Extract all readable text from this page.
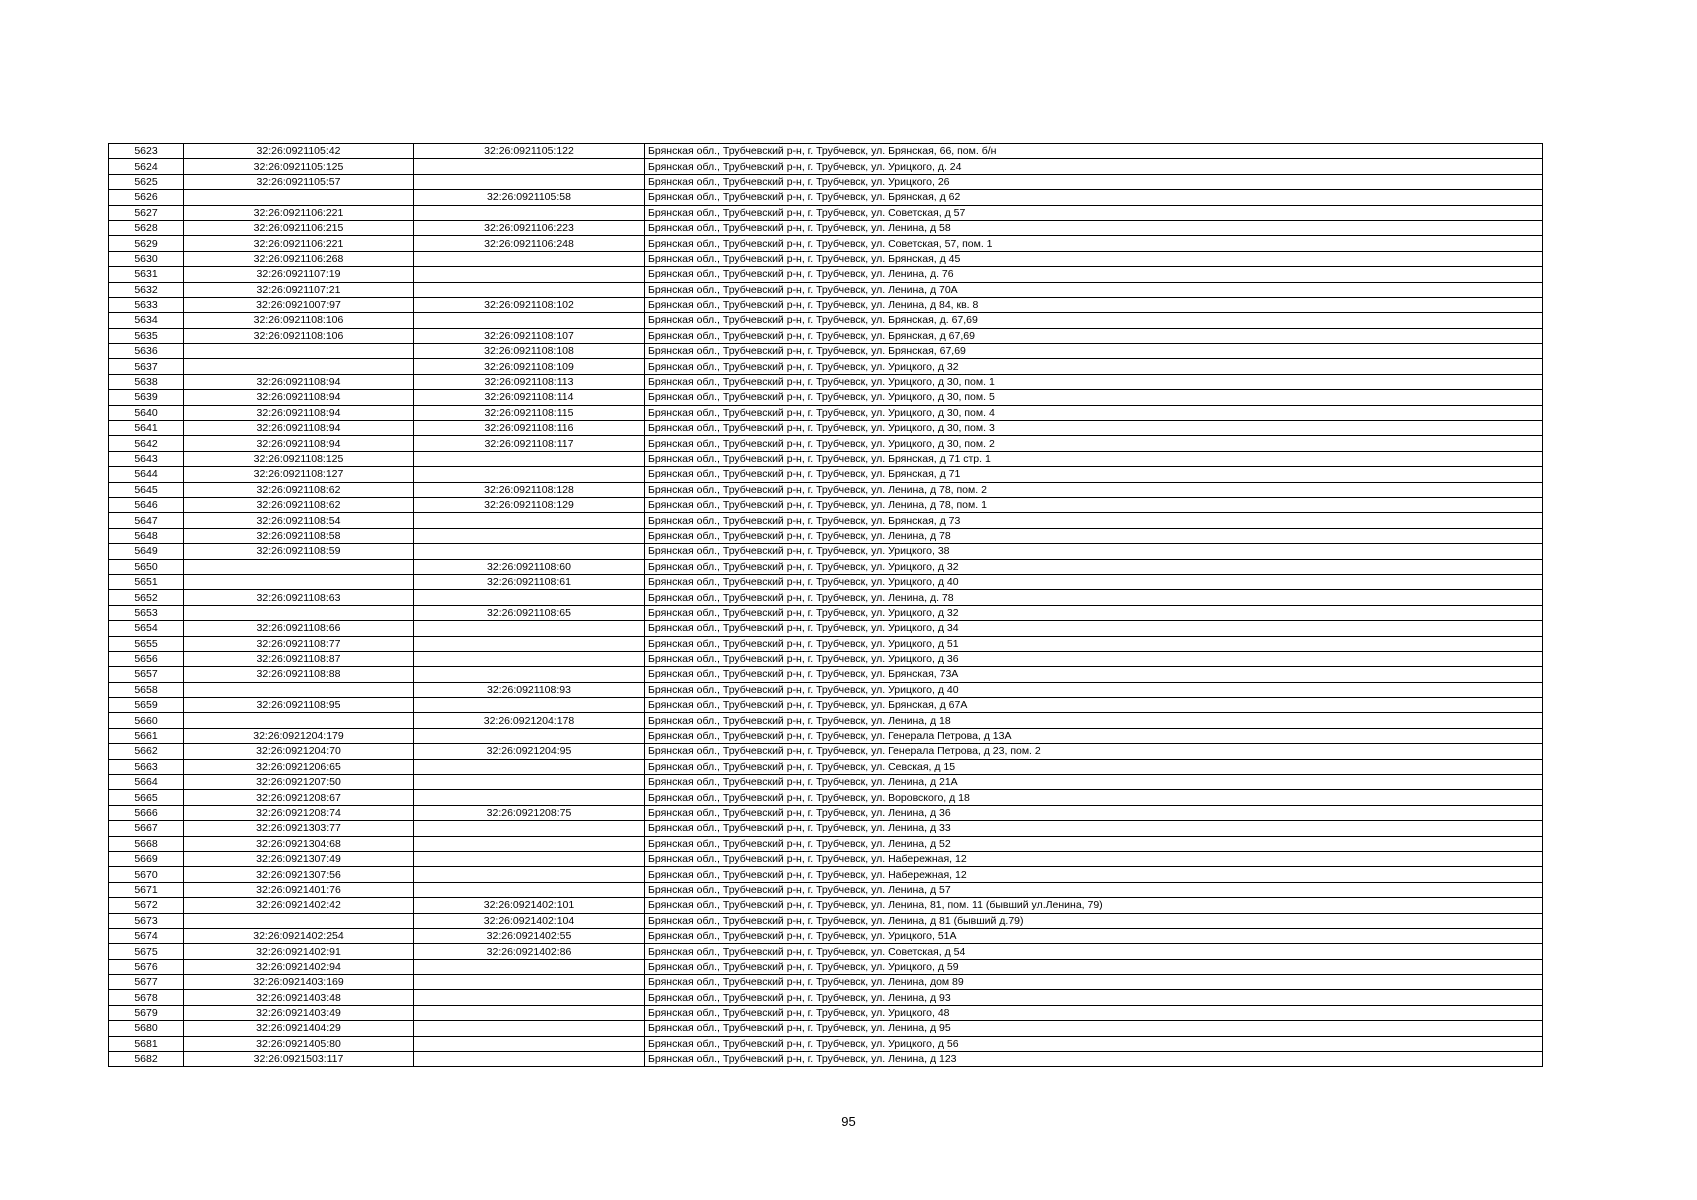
5623	32:26:0921105:42	32:26:0921105:122	Брянская обл., Трубчевский р-н, г. Трубчевск, ул. Брянская, 66, пом. б/н
5624	32:26:0921105:125		Брянская обл., Трубчевский р-н, г. Трубчевск, ул. Урицкого, д. 24
5625	32:26:0921105:57		Брянская обл., Трубчевский р-н, г. Трубчевск, ул. Урицкого, 26
5626		32:26:0921105:58	Брянская обл., Трубчевский р-н, г. Трубчевск, ул. Брянская, д 62
5627	32:26:0921106:221		Брянская обл., Трубчевский р-н, г. Трубчевск, ул. Советская, д 57
5628	32:26:0921106:215	32:26:0921106:223	Брянская обл., Трубчевский р-н, г. Трубчевск, ул. Ленина, д 58
5629	32:26:0921106:221	32:26:0921106:248	Брянская обл., Трубчевский р-н, г. Трубчевск, ул. Советская, 57, пом. 1
5630	32:26:0921106:268		Брянская обл., Трубчевский р-н, г. Трубчевск, ул. Брянская, д 45
5631	32:26:0921107:19		Брянская обл., Трубчевский р-н, г. Трубчевск, ул. Ленина, д. 76
5632	32:26:0921107:21		Брянская обл., Трубчевский р-н, г. Трубчевск, ул. Ленина, д 70А
5633	32:26:0921007:97	32:26:0921108:102	Брянская обл., Трубчевский р-н, г. Трубчевск, ул. Ленина, д 84, кв. 8
5634	32:26:0921108:106		Брянская обл., Трубчевский р-н, г. Трубчевск, ул. Брянская, д. 67,69
5635	32:26:0921108:106	32:26:0921108:107	Брянская обл., Трубчевский р-н, г. Трубчевск, ул. Брянская, д 67,69
5636		32:26:0921108:108	Брянская обл., Трубчевский р-н, г. Трубчевск, ул. Брянская, 67,69
5637		32:26:0921108:109	Брянская обл., Трубчевский р-н, г. Трубчевск, ул. Урицкого, д 32
5638	32:26:0921108:94	32:26:0921108:113	Брянская обл., Трубчевский р-н, г. Трубчевск, ул. Урицкого, д 30, пом. 1
5639	32:26:0921108:94	32:26:0921108:114	Брянская обл., Трубчевский р-н, г. Трубчевск, ул. Урицкого, д 30, пом. 5
5640	32:26:0921108:94	32:26:0921108:115	Брянская обл., Трубчевский р-н, г. Трубчевск, ул. Урицкого, д 30, пом. 4
5641	32:26:0921108:94	32:26:0921108:116	Брянская обл., Трубчевский р-н, г. Трубчевск, ул. Урицкого, д 30, пом. 3
5642	32:26:0921108:94	32:26:0921108:117	Брянская обл., Трубчевский р-н, г. Трубчевск, ул. Урицкого, д 30, пом. 2
5643	32:26:0921108:125		Брянская обл., Трубчевский р-н, г. Трубчевск, ул. Брянская, д 71 стр. 1
5644	32:26:0921108:127		Брянская обл., Трубчевский р-н, г. Трубчевск, ул. Брянская, д 71
5645	32:26:0921108:62	32:26:0921108:128	Брянская обл., Трубчевский р-н, г. Трубчевск, ул. Ленина, д 78, пом. 2
5646	32:26:0921108:62	32:26:0921108:129	Брянская обл., Трубчевский р-н, г. Трубчевск, ул. Ленина, д 78, пом. 1
5647	32:26:0921108:54		Брянская обл., Трубчевский р-н, г. Трубчевск, ул. Брянская, д 73
5648	32:26:0921108:58		Брянская обл., Трубчевский р-н, г. Трубчевск, ул. Ленина, д 78
5649	32:26:0921108:59		Брянская обл., Трубчевский р-н, г. Трубчевск, ул. Урицкого, 38
5650		32:26:0921108:60	Брянская обл., Трубчевский р-н, г. Трубчевск, ул. Урицкого, д 32
5651		32:26:0921108:61	Брянская обл., Трубчевский р-н, г. Трубчевск, ул. Урицкого, д 40
5652	32:26:0921108:63		Брянская обл., Трубчевский р-н, г. Трубчевск, ул. Ленина, д. 78
5653		32:26:0921108:65	Брянская обл., Трубчевский р-н, г. Трубчевск, ул. Урицкого, д 32
5654	32:26:0921108:66		Брянская обл., Трубчевский р-н, г. Трубчевск, ул. Урицкого, д 34
5655	32:26:0921108:77		Брянская обл., Трубчевский р-н, г. Трубчевск, ул. Урицкого, д 51
5656	32:26:0921108:87		Брянская обл., Трубчевский р-н, г. Трубчевск, ул. Урицкого, д 36
5657	32:26:0921108:88		Брянская обл., Трубчевский р-н, г. Трубчевск, ул. Брянская, 73А
5658		32:26:0921108:93	Брянская обл., Трубчевский р-н, г. Трубчевск, ул. Урицкого, д 40
5659	32:26:0921108:95		Брянская обл., Трубчевский р-н, г. Трубчевск, ул. Брянская, д 67А
5660		32:26:0921204:178	Брянская обл., Трубчевский р-н, г. Трубчевск, ул. Ленина, д 18
5661	32:26:0921204:179		Брянская обл., Трубчевский р-н, г. Трубчевск, ул. Генерала Петрова, д 13А
5662	32:26:0921204:70	32:26:0921204:95	Брянская обл., Трубчевский р-н, г. Трубчевск, ул. Генерала Петрова, д 23, пом. 2
5663	32:26:0921206:65		Брянская обл., Трубчевский р-н, г. Трубчевск, ул. Севская, д 15
5664	32:26:0921207:50		Брянская обл., Трубчевский р-н, г. Трубчевск, ул. Ленина, д 21А
5665	32:26:0921208:67		Брянская обл., Трубчевский р-н, г. Трубчевск, ул. Воровского, д 18
5666	32:26:0921208:74	32:26:0921208:75	Брянская обл., Трубчевский р-н, г. Трубчевск, ул. Ленина, д 36
5667	32:26:0921303:77		Брянская обл., Трубчевский р-н, г. Трубчевск, ул. Ленина, д 33
5668	32:26:0921304:68		Брянская обл., Трубчевский р-н, г. Трубчевск, ул. Ленина, д 52
5669	32:26:0921307:49		Брянская обл., Трубчевский р-н, г. Трубчевск, ул. Набережная, 12
5670	32:26:0921307:56		Брянская обл., Трубчевский р-н, г. Трубчевск, ул. Набережная, 12
5671	32:26:0921401:76		Брянская обл., Трубчевский р-н, г. Трубчевск, ул. Ленина, д 57
5672	32:26:0921402:42	32:26:0921402:101	Брянская обл., Трубчевский р-н, г. Трубчевск, ул. Ленина, 81, пом. 11 (бывший ул.Ленина, 79)
5673		32:26:0921402:104	Брянская обл., Трубчевский р-н, г. Трубчевск, ул. Ленина, д 81 (бывший д.79)
5674	32:26:0921402:254	32:26:0921402:55	Брянская обл., Трубчевский р-н, г. Трубчевск, ул. Урицкого, 51А
5675	32:26:0921402:91	32:26:0921402:86	Брянская обл., Трубчевский р-н, г. Трубчевск, ул. Советская, д 54
5676	32:26:0921402:94		Брянская обл., Трубчевский р-н, г. Трубчевск, ул. Урицкого, д 59
5677	32:26:0921403:169		Брянская обл., Трубчевский р-н, г. Трубчевск, ул. Ленина, дом 89
5678	32:26:0921403:48		Брянская обл., Трубчевский р-н, г. Трубчевск, ул. Ленина, д 93
5679	32:26:0921403:49		Брянская обл., Трубчевский р-н, г. Трубчевск, ул. Урицкого, 48
5680	32:26:0921404:29		Брянская обл., Трубчевский р-н, г. Трубчевск, ул. Ленина, д 95
5681	32:26:0921405:80		Брянская обл., Трубчевский р-н, г. Трубчевск, ул. Урицкого, д 56
5682	32:26:0921503:117		Брянская обл., Трубчевский р-н, г. Трубчевск, ул. Ленина, д 123
95
